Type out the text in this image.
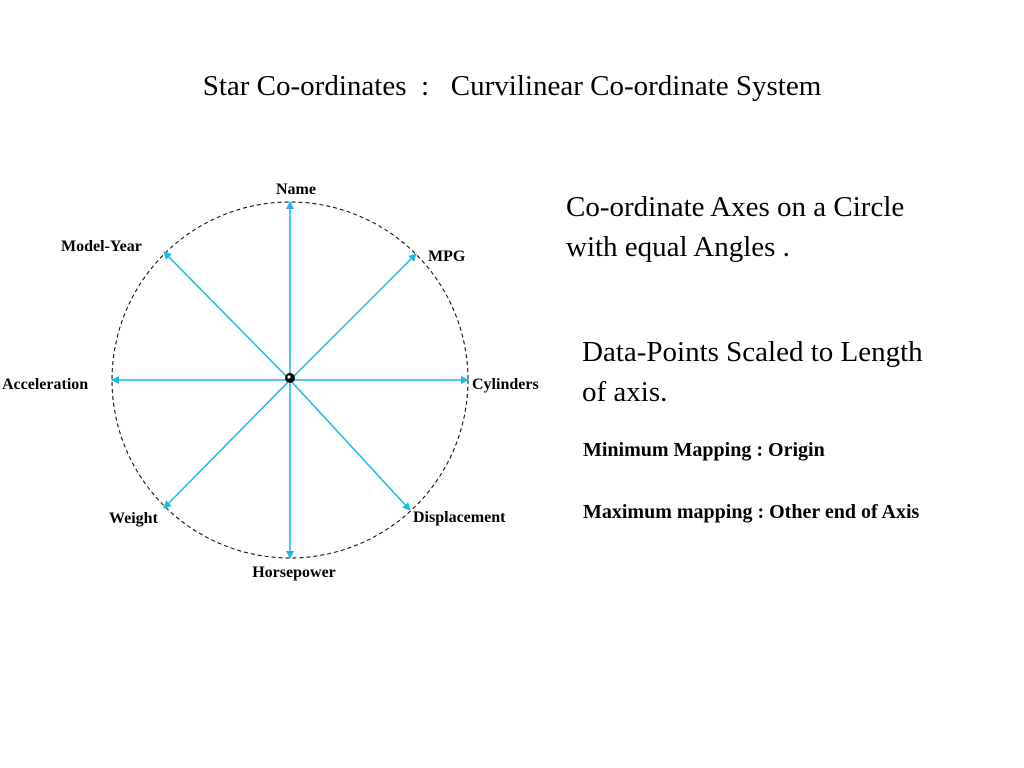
Star Co-ordinates  :   Curvilinear Co-ordinate System
Name
MPG
Cylinders
Displacement
Horsepower
Weight
Acceleration
Model-Year
Co-ordinate Axes on a Circle
with equal Angles .
Data-Points Scaled to Length
of axis.
Minimum Mapping : Origin
Maximum mapping : Other end of Axis
